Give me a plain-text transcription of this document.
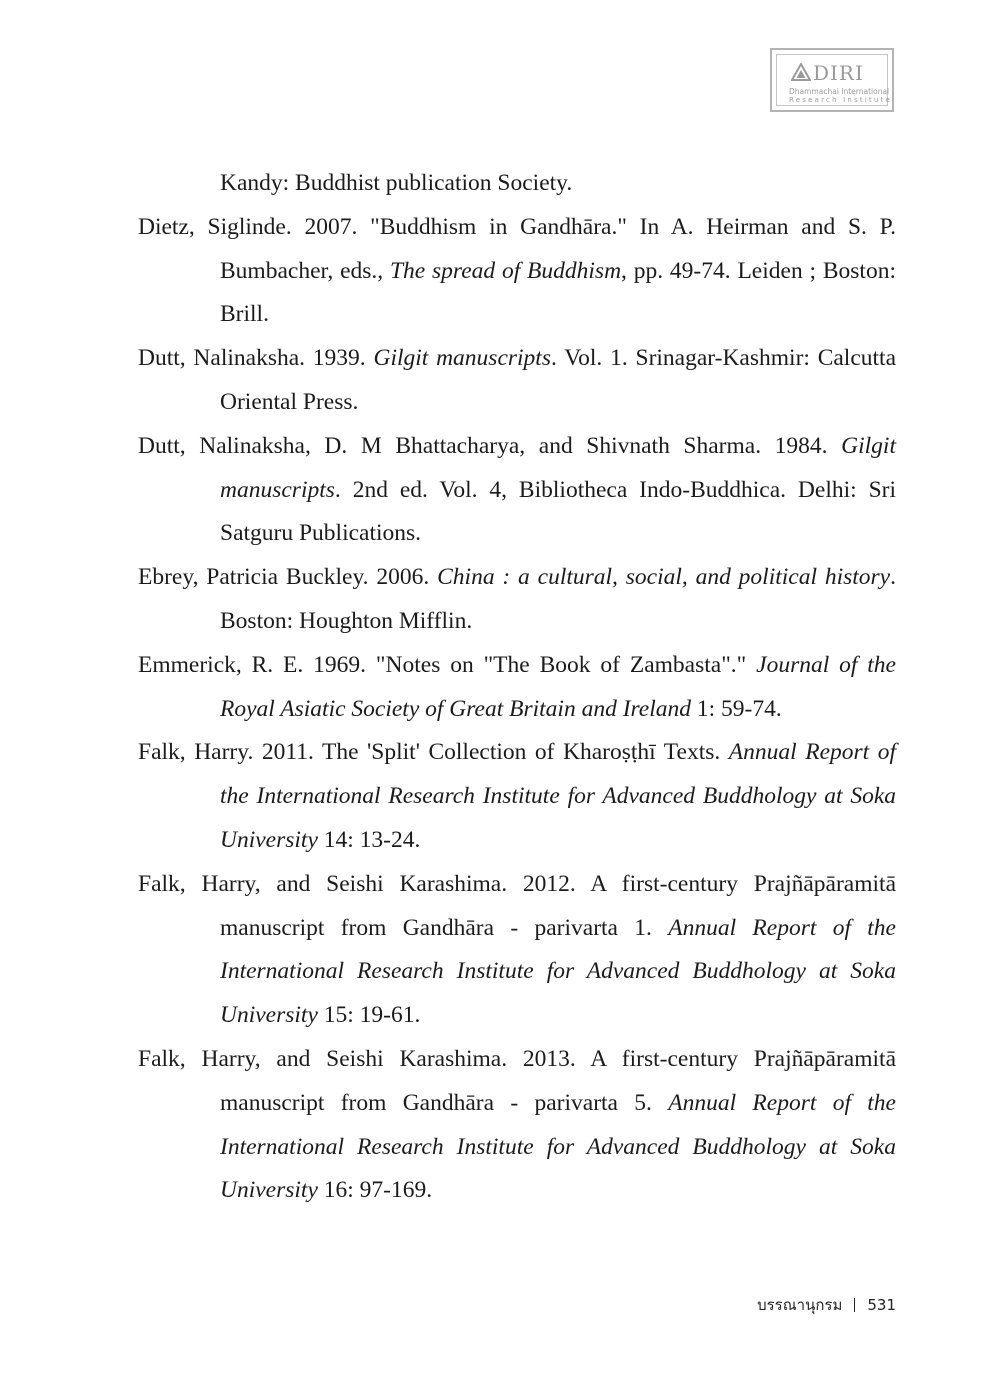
DIRI
Dhammachai International
Research Institute

Kandy: Buddhist publication Society.

Dietz, Siglinde. 2007. "Buddhism in Gandhāra." In A. Heirman and S. P. Bumbacher, eds., The spread of Buddhism, pp. 49-74. Leiden ; Boston: Brill.

Dutt, Nalinaksha. 1939. Gilgit manuscripts. Vol. 1. Srinagar-Kashmir: Calcutta Oriental Press.

Dutt, Nalinaksha, D. M Bhattacharya, and Shivnath Sharma. 1984. Gilgit manuscripts. 2nd ed. Vol. 4, Bibliotheca Indo-Buddhica. Delhi: Sri Satguru Publications.

Ebrey, Patricia Buckley. 2006. China : a cultural, social, and political history. Boston: Houghton Mifflin.

Emmerick, R. E. 1969. "Notes on "The Book of Zambasta"." Journal of the Royal Asiatic Society of Great Britain and Ireland 1: 59-74.

Falk, Harry. 2011. The 'Split' Collection of Kharoṣṭhī Texts. Annual Report of the International Research Institute for Advanced Buddhology at Soka University 14: 13-24.

Falk, Harry, and Seishi Karashima. 2012. A first-century Prajñāpāramitā manuscript from Gandhāra - parivarta 1. Annual Report of the International Research Institute for Advanced Buddhology at Soka University 15: 19-61.

Falk, Harry, and Seishi Karashima. 2013. A first-century Prajñāpāramitā manuscript from Gandhāra - parivarta 5. Annual Report of the International Research Institute for Advanced Buddhology at Soka University 16: 97-169.

บรรณานุกรม 531
